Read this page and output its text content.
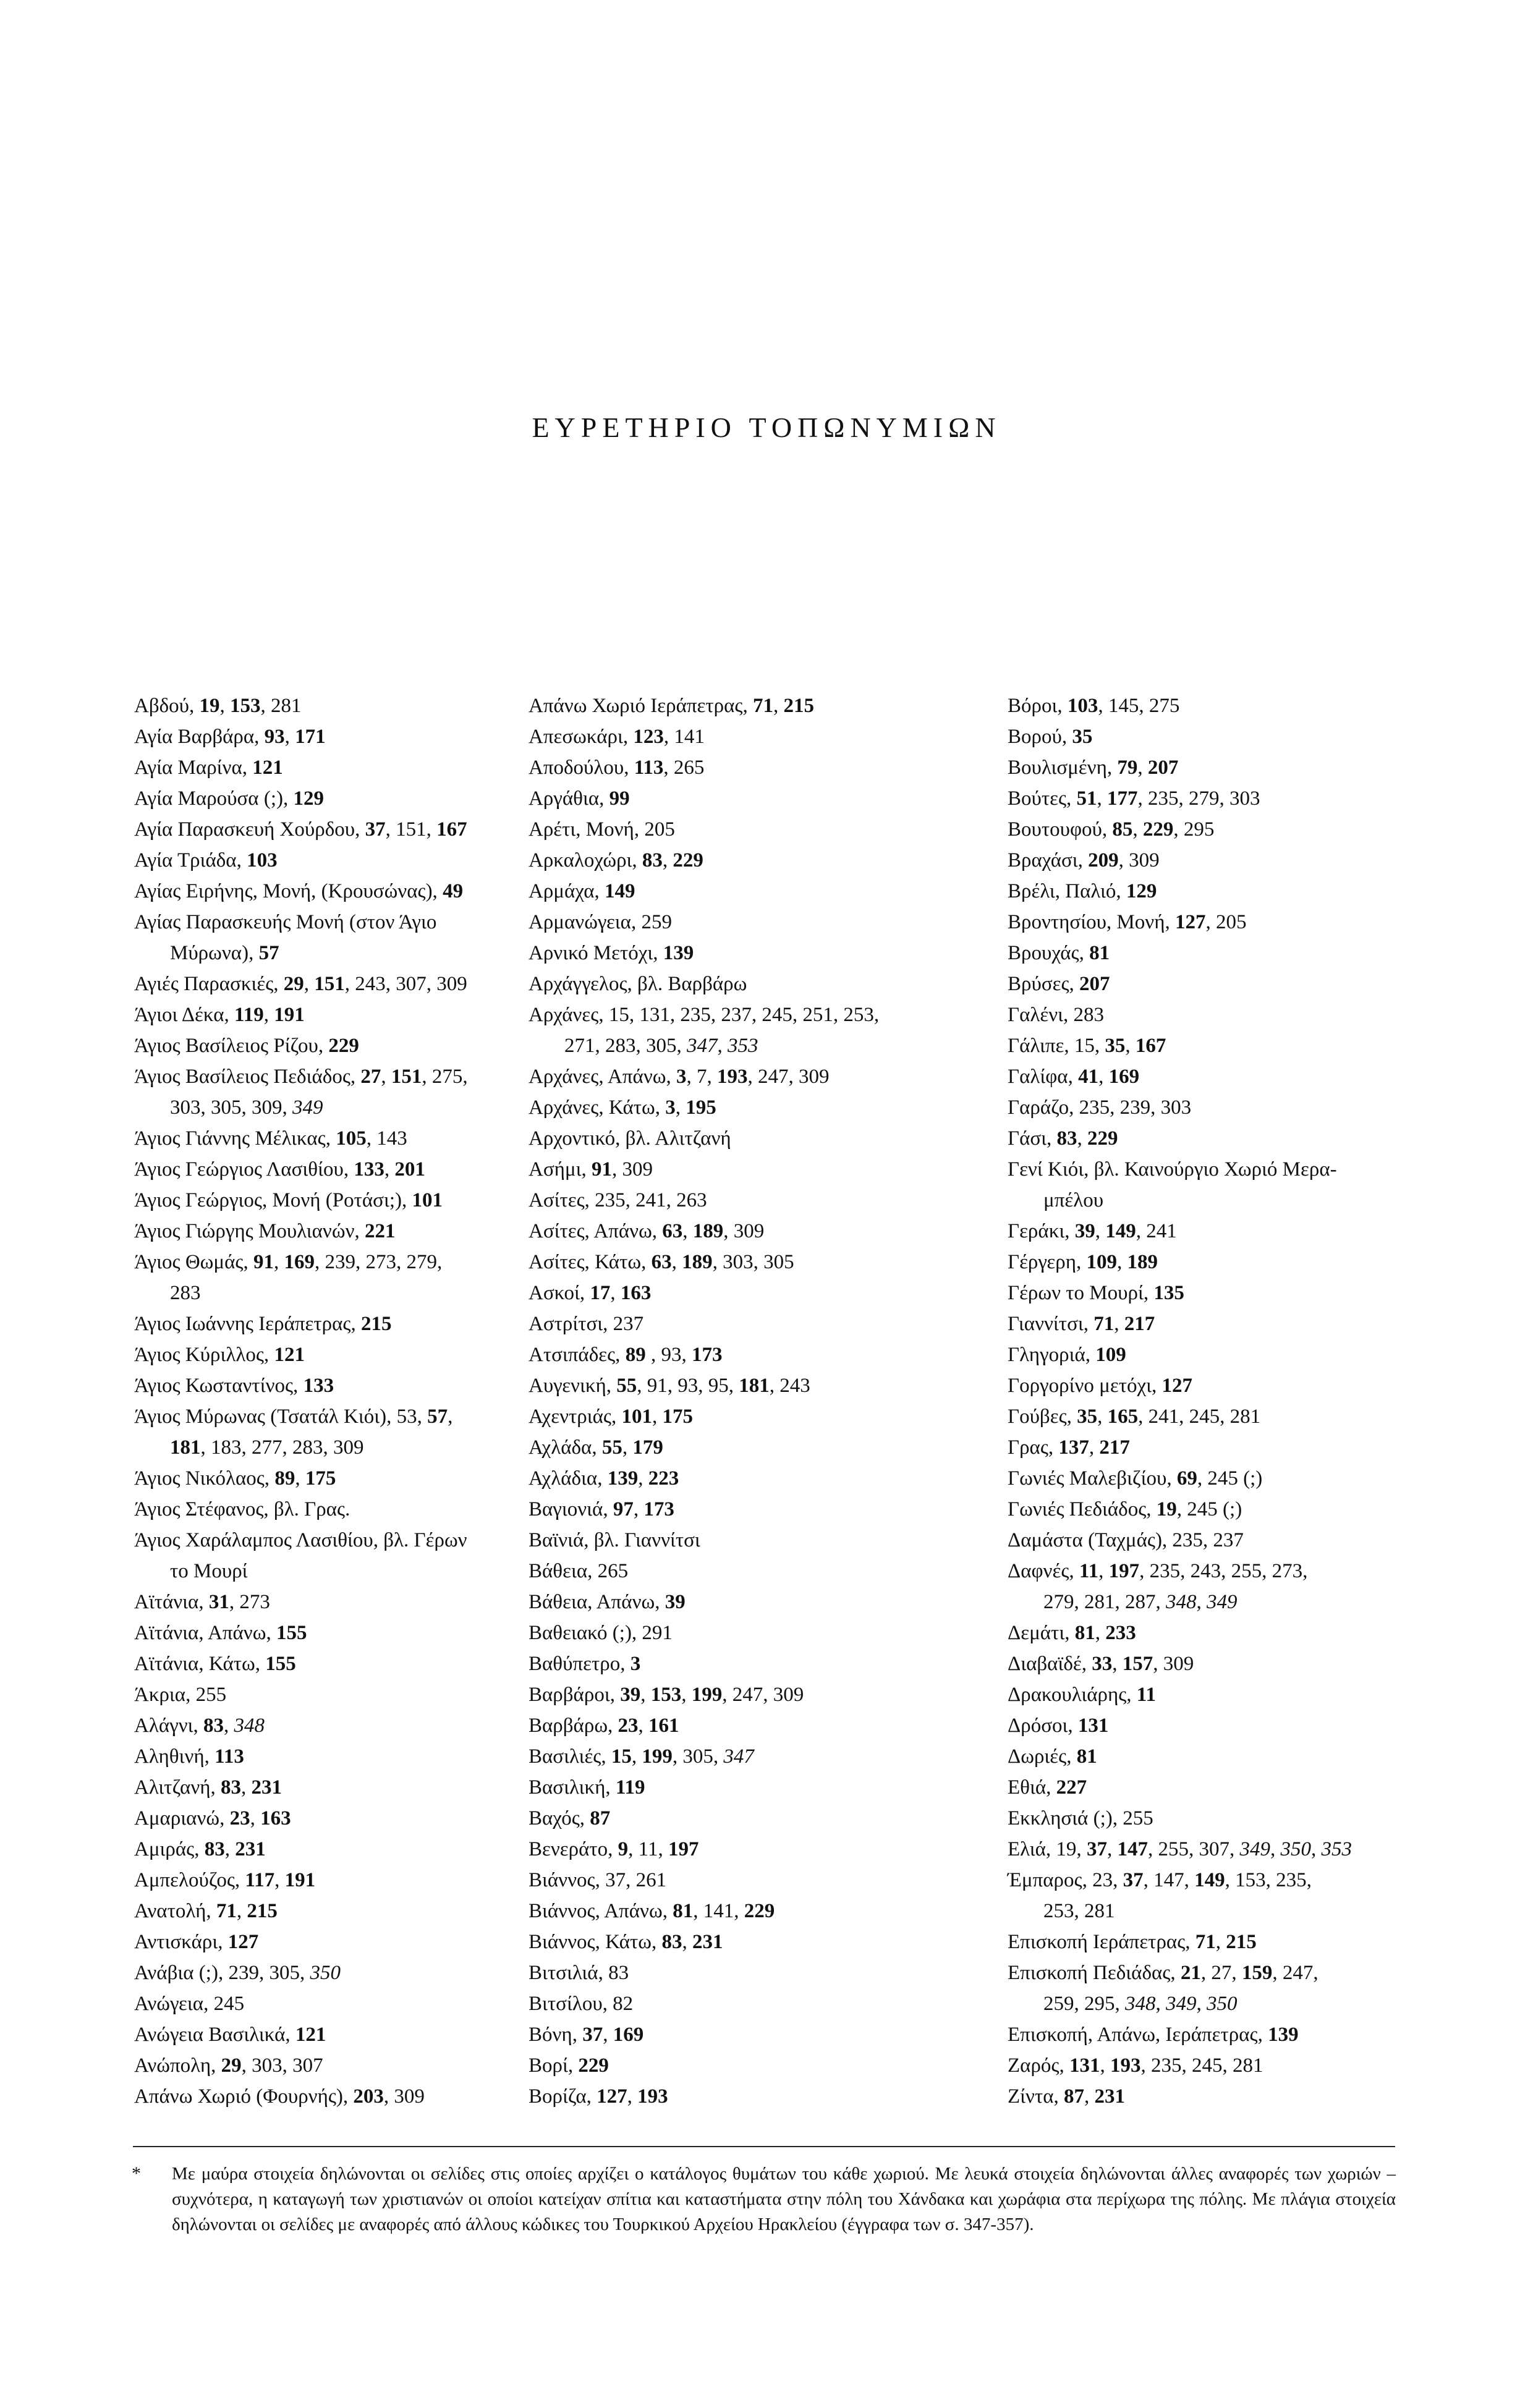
ΕΥΡΕΤΗΡΙΟ ΤΟΠΩΝΥΜΙΩΝ
Αβδού, 19, 153, 281
Αγία Βαρβάρα, 93, 171
Αγία Μαρίνα, 121
Αγία Μαρούσα (;), 129
Αγία Παρασκευή Χούρδου, 37, 151, 167
Αγία Τριάδα, 103
Αγίας Ειρήνης, Μονή, (Κρουσώνας), 49
Αγίας Παρασκευής Μονή (στον Άγιο
Μύρωνα), 57
Αγιές Παρασκιές, 29, 151, 243, 307, 309
Άγιοι Δέκα, 119, 191
Άγιος Βασίλειος Ρίζου, 229
Άγιος Βασίλειος Πεδιάδος, 27, 151, 275,
303, 305, 309, 349
Άγιος Γιάννης Μέλικας, 105, 143
Άγιος Γεώργιος Λασιθίου, 133, 201
Άγιος Γεώργιος, Μονή (Ροτάσι;), 101
Άγιος Γιώργης Μουλιανών, 221
Άγιος Θωμάς, 91, 169, 239, 273, 279,
283
Άγιος Ιωάννης Ιεράπετρας, 215
Άγιος Κύριλλος, 121
Άγιος Κωσταντίνος, 133
Άγιος Μύρωνας (Τσατάλ Κιόι), 53, 57,
181, 183, 277, 283, 309
Άγιος Νικόλαος, 89, 175
Άγιος Στέφανος, βλ. Γρας.
Άγιος Χαράλαμπος Λασιθίου, βλ. Γέρων
το Μουρί
Αϊτάνια, 31, 273
Αϊτάνια, Απάνω, 155
Αϊτάνια, Κάτω, 155
Άκρια, 255
Αλάγνι, 83, 348
Αληθινή, 113
Αλιτζανή, 83, 231
Αμαριανώ, 23, 163
Αμιράς, 83, 231
Αμπελούζος, 117, 191
Ανατολή, 71, 215
Αντισκάρι, 127
Ανάβια (;), 239, 305, 350
Ανώγεια, 245
Ανώγεια Βασιλικά, 121
Ανώπολη, 29, 303, 307
Απάνω Χωριό (Φουρνής), 203, 309
Απάνω Χωριό Ιεράπετρας, 71, 215
Απεσωκάρι, 123, 141
Αποδούλου, 113, 265
Αργάθια, 99
Αρέτι, Μονή, 205
Αρκαλοχώρι, 83, 229
Αρμάχα, 149
Αρμανώγεια, 259
Αρνικό Μετόχι, 139
Αρχάγγελος, βλ. Βαρβάρω
Αρχάνες, 15, 131, 235, 237, 245, 251, 253,
271, 283, 305, 347, 353
Αρχάνες, Απάνω, 3, 7, 193, 247, 309
Αρχάνες, Κάτω, 3, 195
Αρχοντικό, βλ. Αλιτζανή
Ασήμι, 91, 309
Ασίτες, 235, 241, 263
Ασίτες, Απάνω, 63, 189, 309
Ασίτες, Κάτω, 63, 189, 303, 305
Ασκοί, 17, 163
Αστρίτσι, 237
Ατσιπάδες, 89 , 93, 173
Αυγενική, 55, 91, 93, 95, 181, 243
Αχεντριάς, 101, 175
Αχλάδα, 55, 179
Αχλάδια, 139, 223
Βαγιονιά, 97, 173
Βαϊνιά, βλ. Γιαννίτσι
Βάθεια, 265
Βάθεια, Απάνω, 39
Βαθειακό (;), 291
Βαθύπετρο, 3
Βαρβάροι, 39, 153, 199, 247, 309
Βαρβάρω, 23, 161
Βασιλιές, 15, 199, 305, 347
Βασιλική, 119
Βαχός, 87
Βενεράτο, 9, 11, 197
Βιάννος, 37, 261
Βιάννος, Απάνω, 81, 141, 229
Βιάννος, Κάτω, 83, 231
Βιτσιλιά, 83
Βιτσίλου, 82
Βόνη, 37, 169
Βορί, 229
Βορίζα, 127, 193
Βόροι, 103, 145, 275
Βορού, 35
Βουλισμένη, 79, 207
Βούτες, 51, 177, 235, 279, 303
Βουτουφού, 85, 229, 295
Βραχάσι, 209, 309
Βρέλι, Παλιό, 129
Βροντησίου, Μονή, 127, 205
Βρουχάς, 81
Βρύσες, 207
Γαλένι, 283
Γάλιπε, 15, 35, 167
Γαλίφα, 41, 169
Γαράζο, 235, 239, 303
Γάσι, 83, 229
Γενί Κιόι, βλ. Καινούργιο Χωριό Μερα-
μπέλου
Γεράκι, 39, 149, 241
Γέργερη, 109, 189
Γέρων το Μουρί, 135
Γιαννίτσι, 71, 217
Γληγοριά, 109
Γοργορίνο μετόχι, 127
Γούβες, 35, 165, 241, 245, 281
Γρας, 137, 217
Γωνιές Μαλεβιζίου, 69, 245 (;)
Γωνιές Πεδιάδος, 19, 245 (;)
Δαμάστα (Ταχμάς), 235, 237
Δαφνές, 11, 197, 235, 243, 255, 273,
279, 281, 287, 348, 349
Δεμάτι, 81, 233
Διαβαϊδέ, 33, 157, 309
Δρακουλιάρης, 11
Δρόσοι, 131
Δωριές, 81
Εθιά, 227
Εκκλησιά (;), 255
Ελιά, 19, 37, 147, 255, 307, 349, 350, 353
Έμπαρος, 23, 37, 147, 149, 153, 235,
253, 281
Επισκοπή Ιεράπετρας, 71, 215
Επισκοπή Πεδιάδας, 21, 27, 159, 247,
259, 295, 348, 349, 350
Επισκοπή, Απάνω, Ιεράπετρας, 139
Ζαρός, 131, 193, 235, 245, 281
Ζίντα, 87, 231
* Με μαύρα στοιχεία δηλώνονται οι σελίδες στις οποίες αρχίζει ο κατάλογος θυμάτων του κάθε χωριού. Με λευκά στοιχεία δηλώνονται άλλες αναφορές των χωριών – συχνότερα, η καταγωγή των χριστιανών οι οποίοι κατείχαν σπίτια και καταστήματα στην πόλη του Χάνδακα και χωράφια στα περίχωρα της πόλης. Με πλάγια στοιχεία δηλώνονται οι σελίδες με αναφορές από άλλους κώδικες του Τουρκικού Αρχείου Ηρακλείου (έγγραφα των σ. 347-357).
